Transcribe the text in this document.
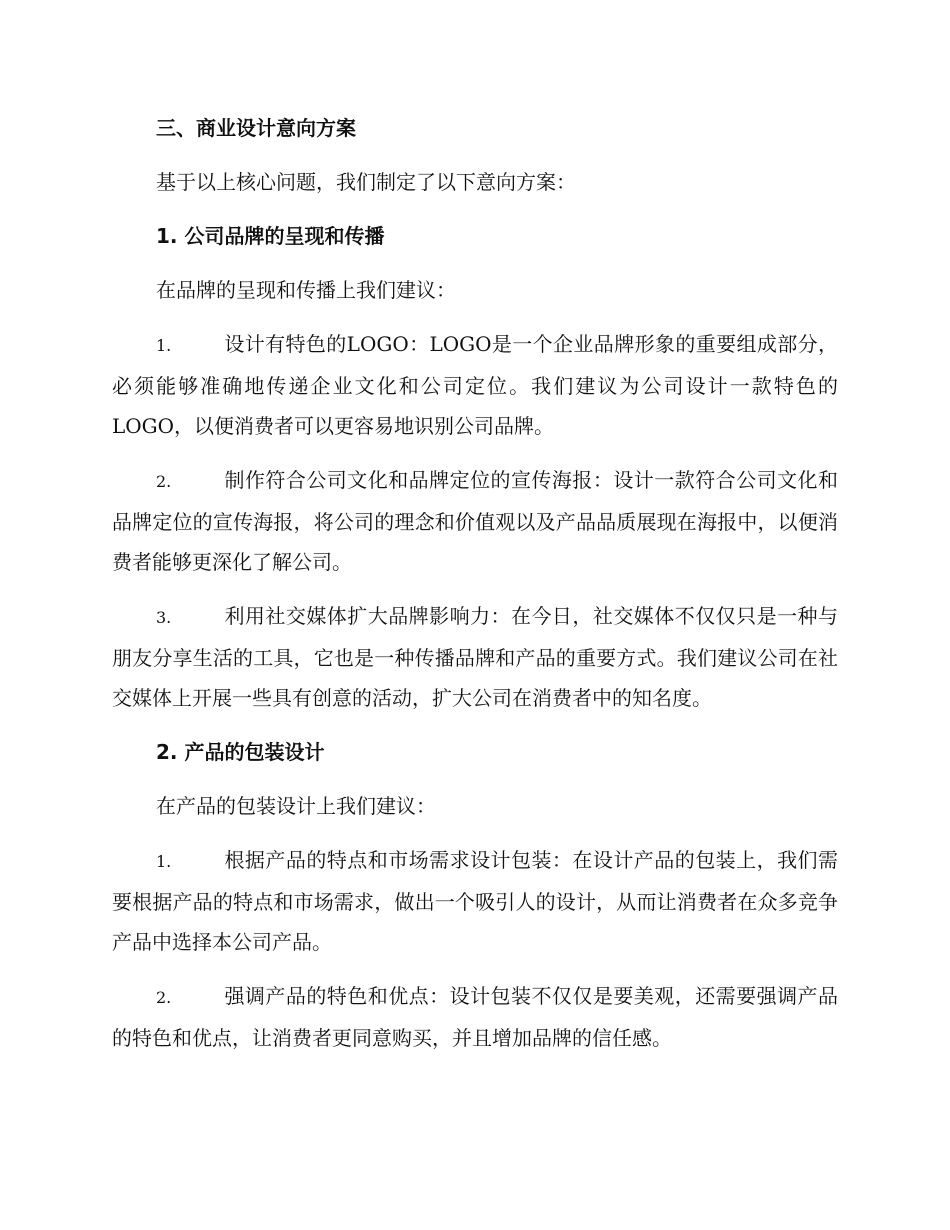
三、商业设计意向方案

基于以上核心问题，我们制定了以下意向方案：

1. 公司品牌的呈现和传播

在品牌的呈现和传播上我们建议：

1.	设计有特色的LOGO：LOGO是一个企业品牌形象的重要组成部分，必须能够准确地传递企业文化和公司定位。我们建议为公司设计一款特色的LOGO，以便消费者可以更容易地识别公司品牌。

2.	制作符合公司文化和品牌定位的宣传海报：设计一款符合公司文化和品牌定位的宣传海报，将公司的理念和价值观以及产品品质展现在海报中，以便消费者能够更深化了解公司。

3.	利用社交媒体扩大品牌影响力：在今日，社交媒体不仅仅只是一种与朋友分享生活的工具，它也是一种传播品牌和产品的重要方式。我们建议公司在社交媒体上开展一些具有创意的活动，扩大公司在消费者中的知名度。

2. 产品的包装设计

在产品的包装设计上我们建议：

1.	根据产品的特点和市场需求设计包装：在设计产品的包装上，我们需要根据产品的特点和市场需求，做出一个吸引人的设计，从而让消费者在众多竞争产品中选择本公司产品。

2.	强调产品的特色和优点：设计包装不仅仅是要美观，还需要强调产品的特色和优点，让消费者更同意购买，并且增加品牌的信任感。
